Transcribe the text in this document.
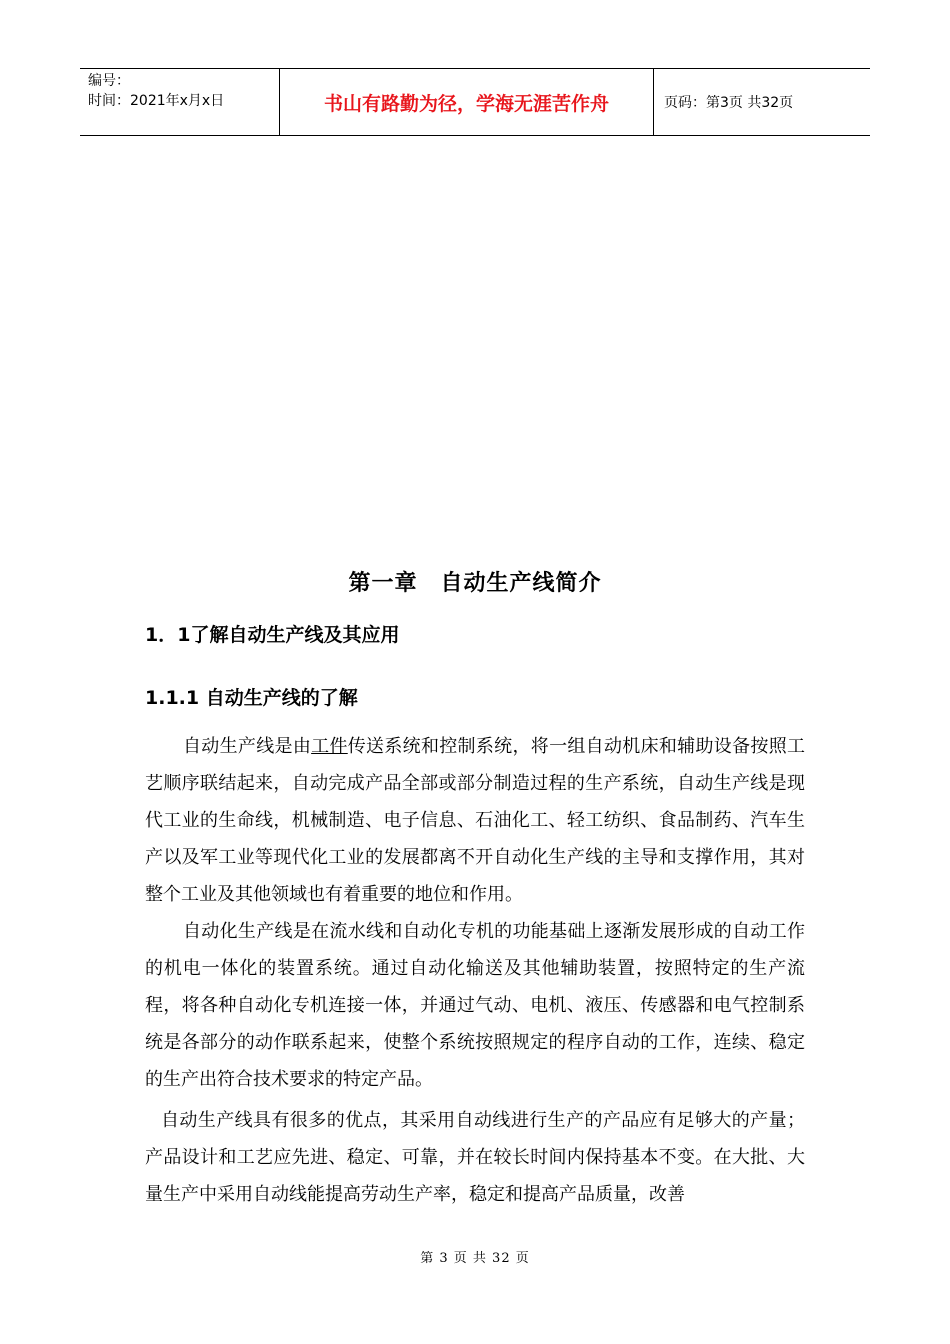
编号：
时间：2021年x月x日	书山有路勤为径，学海无涯苦作舟	页码：第3页 共32页
第一章　自动生产线简介
1．1了解自动生产线及其应用
1.1.1 自动生产线的了解

自动生产线是由工件传送系统和控制系统，将一组自动机床和辅助设备按照工艺顺序联结起来，自动完成产品全部或部分制造过程的生产系统，自动生产线是现代工业的生命线，机械制造、电子信息、石油化工、轻工纺织、食品制药、汽车生产以及军工业等现代化工业的发展都离不开自动化生产线的主导和支撑作用，其对整个工业及其他领域也有着重要的地位和作用。

自动化生产线是在流水线和自动化专机的功能基础上逐渐发展形成的自动工作的机电一体化的装置系统。通过自动化输送及其他辅助装置，按照特定的生产流程，将各种自动化专机连接一体，并通过气动、电机、液压、传感器和电气控制系统是各部分的动作联系起来，使整个系统按照规定的程序自动的工作，连续、稳定的生产出符合技术要求的特定产品。

自动生产线具有很多的优点，其采用自动线进行生产的产品应有足够大的产量；产品设计和工艺应先进、稳定、可靠，并在较长时间内保持基本不变。在大批、大量生产中采用自动线能提高劳动生产率，稳定和提高产品质量，改善

第 3 页 共 32 页
